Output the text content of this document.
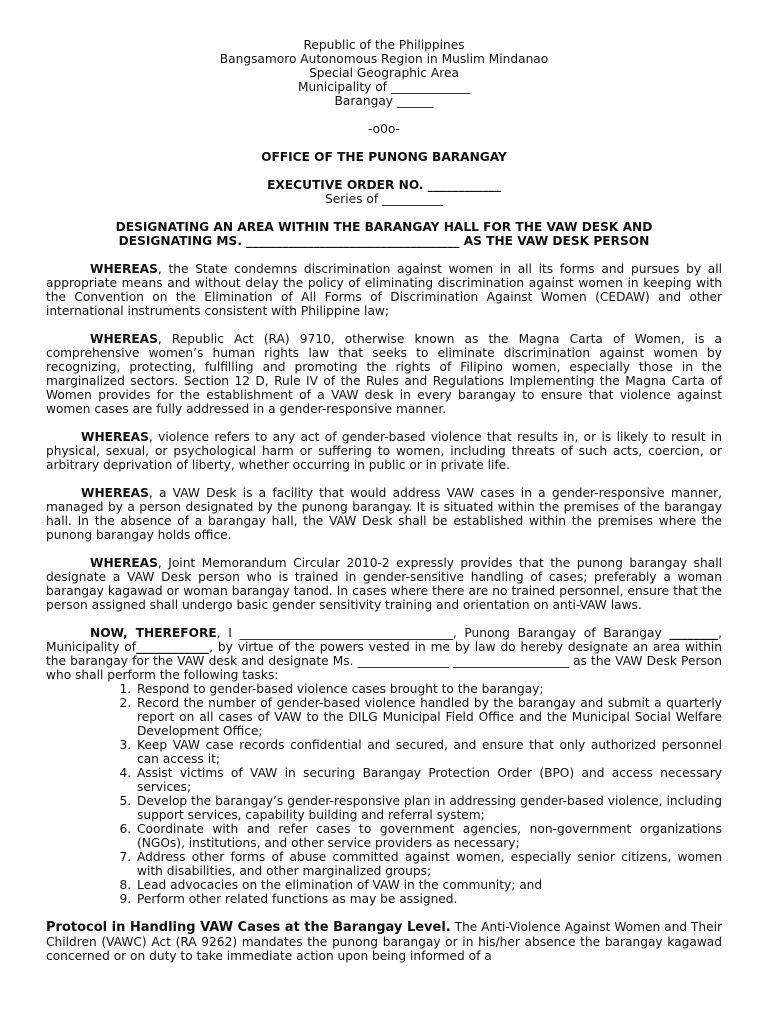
Republic of the Philippines
Bangsamoro Autonomous Region in Muslim Mindanao
Special Geographic Area
Municipality of _____________
Barangay ______
-o0o-
OFFICE OF THE PUNONG BARANGAY
EXECUTIVE ORDER NO. ____________
Series of __________
DESIGNATING AN AREA WITHIN THE BARANGAY HALL FOR THE VAW DESK AND
DESIGNATING MS. ___________________________________ AS THE VAW DESK PERSON

WHEREAS, the State condemns discrimination against women in all its forms and pursues by all appropriate means and without delay the policy of eliminating discrimination against women in keeping with the Convention on the Elimination of All Forms of Discrimination Against Women (CEDAW) and other international instruments consistent with Philippine law;

WHEREAS, Republic Act (RA) 9710, otherwise known as the Magna Carta of Women, is a comprehensive women’s human rights law that seeks to eliminate discrimination against women by recognizing, protecting, fulfilling and promoting the rights of Filipino women, especially those in the marginalized sectors. Section 12 D, Rule IV of the Rules and Regulations Implementing the Magna Carta of Women provides for the establishment of a VAW desk in every barangay to ensure that violence against women cases are fully addressed in a gender-responsive manner.

WHEREAS, violence refers to any act of gender-based violence that results in, or is likely to result in physical, sexual, or psychological harm or suffering to women, including threats of such acts, coercion, or arbitrary deprivation of liberty, whether occurring in public or in private life.

WHEREAS, a VAW Desk is a facility that would address VAW cases in a gender-responsive manner, managed by a person designated by the punong barangay. It is situated within the premises of the barangay hall. In the absence of a barangay hall, the VAW Desk shall be established within the premises where the punong barangay holds office.

WHEREAS, Joint Memorandum Circular 2010-2 expressly provides that the punong barangay shall designate a VAW Desk person who is trained in gender-sensitive handling of cases; preferably a woman barangay kagawad or woman barangay tanod. In cases where there are no trained personnel, ensure that the person assigned shall undergo basic gender sensitivity training and orientation on anti-VAW laws.

NOW, THEREFORE, I ___________________________________, Punong Barangay of Barangay ________, Municipality of____________, by virtue of the powers vested in me by law do hereby designate an area within the barangay for the VAW desk and designate Ms. _______________ ___________________ as the VAW Desk Person who shall perform the following tasks:

1. Respond to gender-based violence cases brought to the barangay;
2. Record the number of gender-based violence handled by the barangay and submit a quarterly report on all cases of VAW to the DILG Municipal Field Office and the Municipal Social Welfare Development Office;
3. Keep VAW case records confidential and secured, and ensure that only authorized personnel can access it;
4. Assist victims of VAW in securing Barangay Protection Order (BPO) and access necessary services;
5. Develop the barangay’s gender-responsive plan in addressing gender-based violence, including support services, capability building and referral system;
6. Coordinate with and refer cases to government agencies, non-government organizations (NGOs), institutions, and other service providers as necessary;
7. Address other forms of abuse committed against women, especially senior citizens, women with disabilities, and other marginalized groups;
8. Lead advocacies on the elimination of VAW in the community; and
9. Perform other related functions as may be assigned.

Protocol in Handling VAW Cases at the Barangay Level. The Anti-Violence Against Women and Their Children (VAWC) Act (RA 9262) mandates the punong barangay or in his/her absence the barangay kagawad concerned or on duty to take immediate action upon being informed of a
